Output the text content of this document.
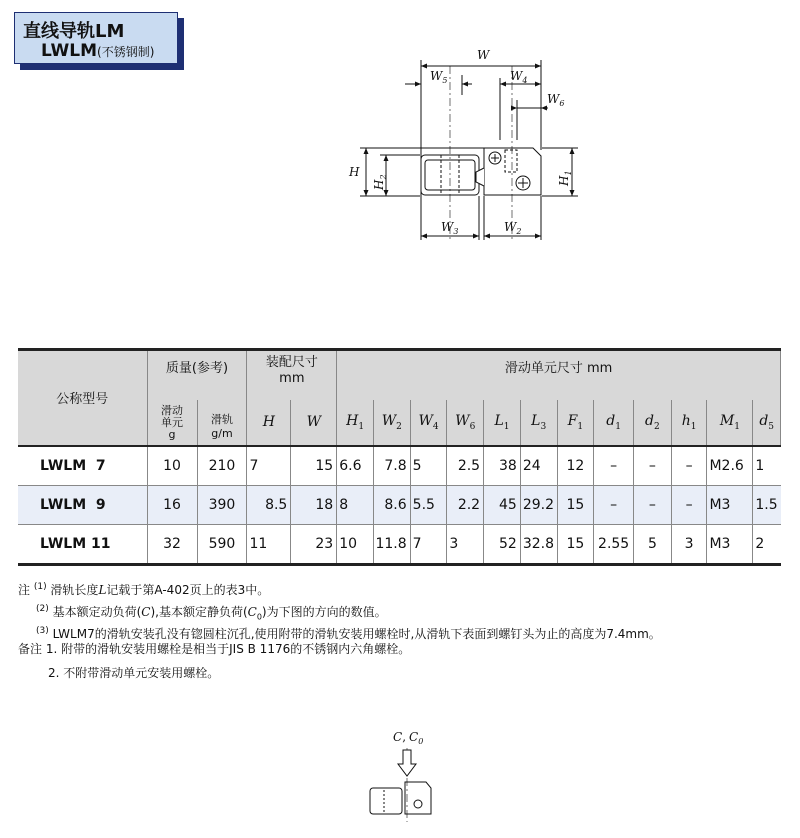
直线导轨LM
LWLM(不锈钢制)	W
$W_5$	$W_4$
$W_6$
H
$H_2$	$H_1$
$W_3$	$W_2$
公称型号	质量(参考)		装配尺寸
mm		滑动单元尺寸 mm											
	滑动
单元
g	滑轨
g/m	H	W	$H_1$	$W_2$	$W_4$	$W_6$	$L_1$	$L_3$	$F_1$	$d_1$	$d_2$	$h_1$	$M_1$	$d_5$
LWLM  7	10	210	7	15	6.6	7.8	5	2.5	38	24	12	–	–	–	M2.6	1
LWLM  9	16	390	8.5	18	8	8.6	5.5	2.2	45	29.2	15	–	–	–	M3	1.5
LWLM 11	32	590	11	23	10	11.8	7	3	52	32.8	15	2.55	5	3	M3	2
注 $^{(1)}$ 滑轨长度L记载于第A-402页上的表3中。
$^{(2)}$ 基本额定动负荷(C),基本额定静负荷$(C_0)$为下图的方向的数值。
$^{(3)}$ LWLM7的滑轨安装孔没有锪圆柱沉孔,使用附带的滑轨安装用螺栓时,从滑轨下表面到螺钉头为止的高度为7.4mm。
备注 1. 附带的滑轨安装用螺栓是相当于JIS B 1176的不锈钢内六角螺栓。
2. 不附带滑动单元安装用螺栓。
C, $C_0$
